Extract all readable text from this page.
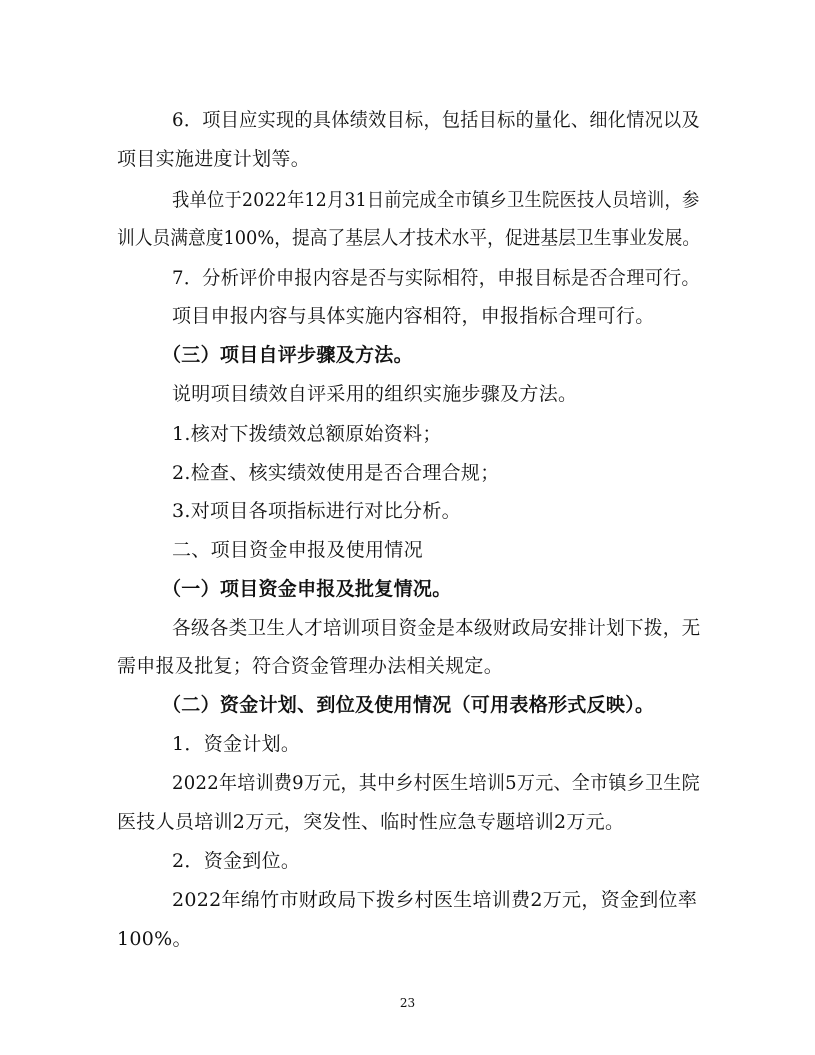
6．项目应实现的具体绩效目标，包括目标的量化、细化情况以及
项目实施进度计划等。
我单位于2022年12月31日前完成全市镇乡卫生院医技人员培训，参
训人员满意度100%，提高了基层人才技术水平，促进基层卫生事业发展。
7．分析评价申报内容是否与实际相符，申报目标是否合理可行。
项目申报内容与具体实施内容相符，申报指标合理可行。
（三）项目自评步骤及方法。
说明项目绩效自评采用的组织实施步骤及方法。
1.核对下拨绩效总额原始资料；
2.检查、核实绩效使用是否合理合规；
3.对项目各项指标进行对比分析。
二、项目资金申报及使用情况
（一）项目资金申报及批复情况。
各级各类卫生人才培训项目资金是本级财政局安排计划下拨，无
需申报及批复；符合资金管理办法相关规定。
（二）资金计划、到位及使用情况（可用表格形式反映）。
1．资金计划。
2022年培训费9万元，其中乡村医生培训5万元、全市镇乡卫生院
医技人员培训2万元，突发性、临时性应急专题培训2万元。
2．资金到位。
2022年绵竹市财政局下拨乡村医生培训费2万元，资金到位率
100%。
23
